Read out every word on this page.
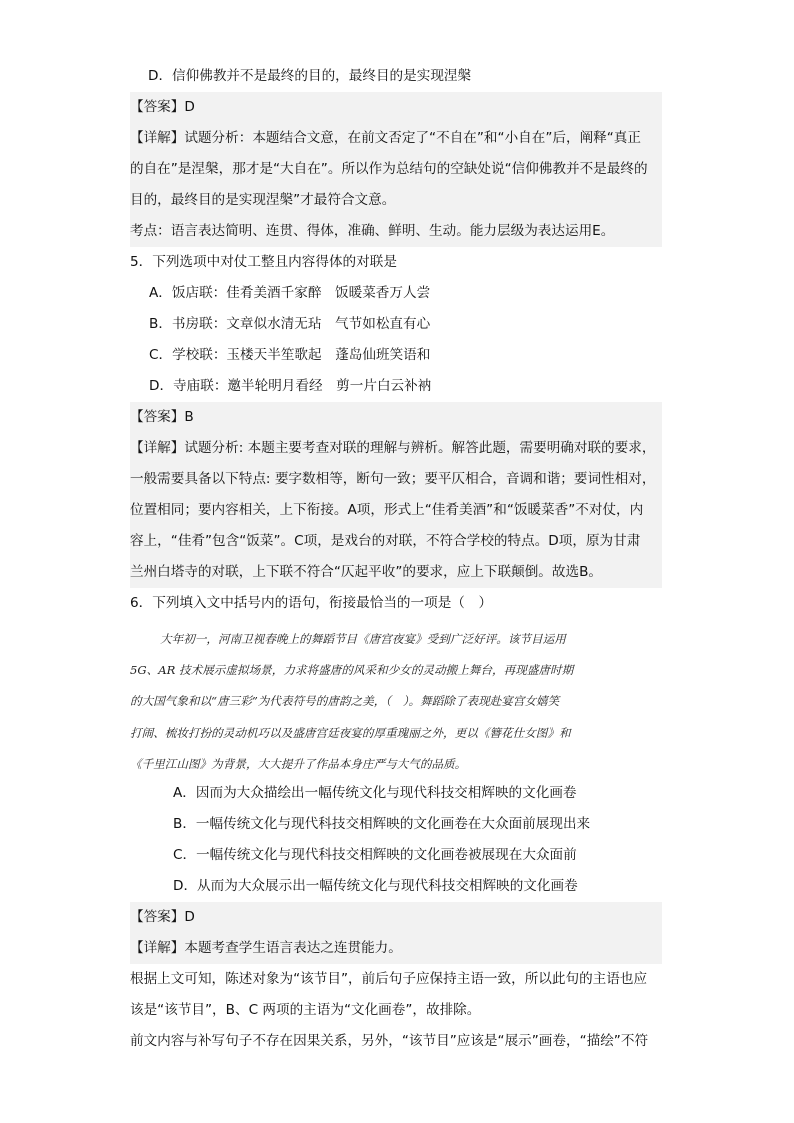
D．信仰佛教并不是最终的目的，最终目的是实现涅槃
【答案】D
【详解】试题分析：本题结合文意，在前文否定了“不自在”和“小自在”后，阐释“真正
的自在”是涅槃，那才是“大自在”。所以作为总结句的空缺处说“信仰佛教并不是最终的
目的，最终目的是实现涅槃”才最符合文意。
考点：语言表达简明、连贯、得体，准确、鲜明、生动。能力层级为表达运用E。
5．下列选项中对仗工整且内容得体的对联是
A．饭店联：佳肴美酒千家醉　饭暖菜香万人尝
B．书房联：文章似水清无玷　气节如松直有心
C．学校联：玉楼天半笙歌起　蓬岛仙班笑语和
D．寺庙联：邀半轮明月看经　剪一片白云补衲
【答案】B
【详解】试题分析: 本题主要考查对联的理解与辨析。解答此题，需要明确对联的要求，
一般需要具备以下特点: 要字数相等，断句一致；要平仄相合，音调和谐；要词性相对，
位置相同；要内容相关，上下衔接。A项，形式上“佳肴美酒”和“饭暖菜香”不对仗，内
容上，“佳肴”包含“饭菜”。C项，是戏台的对联，不符合学校的特点。D项，原为甘肃
兰州白塔寺的对联，上下联不符合“仄起平收”的要求，应上下联颠倒。故选B。
6．下列填入文中括号内的语句，衔接最恰当的一项是（　）
大年初一，河南卫视春晚上的舞蹈节目《唐宫夜宴》受到广泛好评。该节目运用
5G、AR 技术展示虚拟场景，力求将盛唐的风采和少女的灵动搬上舞台，再现盛唐时期
的大国气象和以“唐三彩”为代表符号的唐韵之美，（　）。舞蹈除了表现赴宴宫女嬉笑
打闹、梳妆打扮的灵动机巧以及盛唐宫廷夜宴的厚重瑰丽之外，更以《簪花仕女图》和
《千里江山图》为背景，大大提升了作品本身庄严与大气的品质。
A．因而为大众描绘出一幅传统文化与现代科技交相辉映的文化画卷
B．一幅传统文化与现代科技交相辉映的文化画卷在大众面前展现出来
C．一幅传统文化与现代科技交相辉映的文化画卷被展现在大众面前
D．从而为大众展示出一幅传统文化与现代科技交相辉映的文化画卷
【答案】D
【详解】本题考查学生语言表达之连贯能力。
根据上文可知，陈述对象为“该节目”，前后句子应保持主语一致，所以此句的主语也应
该是“该节目”，B、C 两项的主语为“文化画卷”，故排除。
前文内容与补写句子不存在因果关系，另外，“该节目”应该是“展示”画卷，“描绘”不符
